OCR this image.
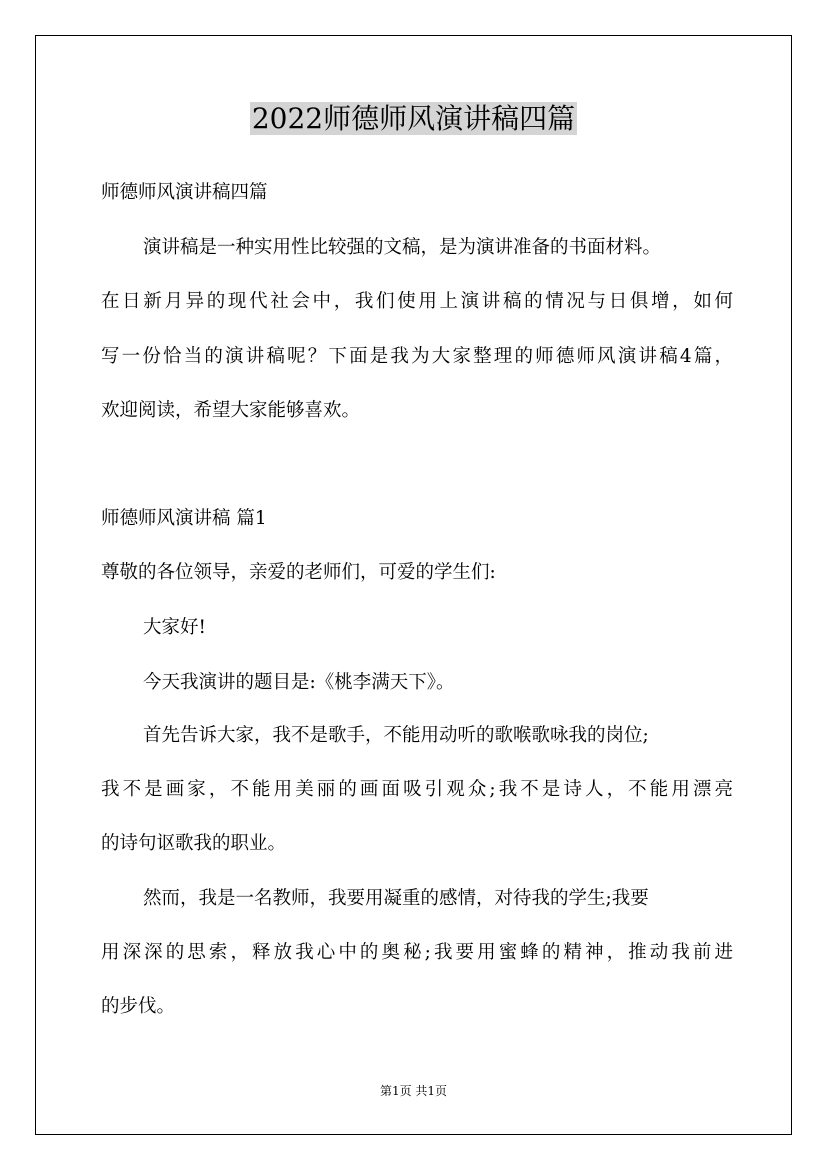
2022师德师风演讲稿四篇
师德师风演讲稿四篇
演讲稿是一种实用性比较强的文稿，是为演讲准备的书面材料。
在日新月异的现代社会中，我们使用上演讲稿的情况与日俱增，如何
写一份恰当的演讲稿呢？下面是我为大家整理的师德师风演讲稿4篇，
欢迎阅读，希望大家能够喜欢。
师德师风演讲稿 篇1
尊敬的各位领导，亲爱的老师们，可爱的学生们:
大家好!
今天我演讲的题目是:《桃李满天下》。
首先告诉大家，我不是歌手，不能用动听的歌喉歌咏我的岗位;
我不是画家，不能用美丽的画面吸引观众;我不是诗人，不能用漂亮
的诗句讴歌我的职业。
然而，我是一名教师，我要用凝重的感情，对待我的学生;我要
用深深的思索，释放我心中的奥秘;我要用蜜蜂的精神，推动我前进
的步伐。
第1页 共1页
